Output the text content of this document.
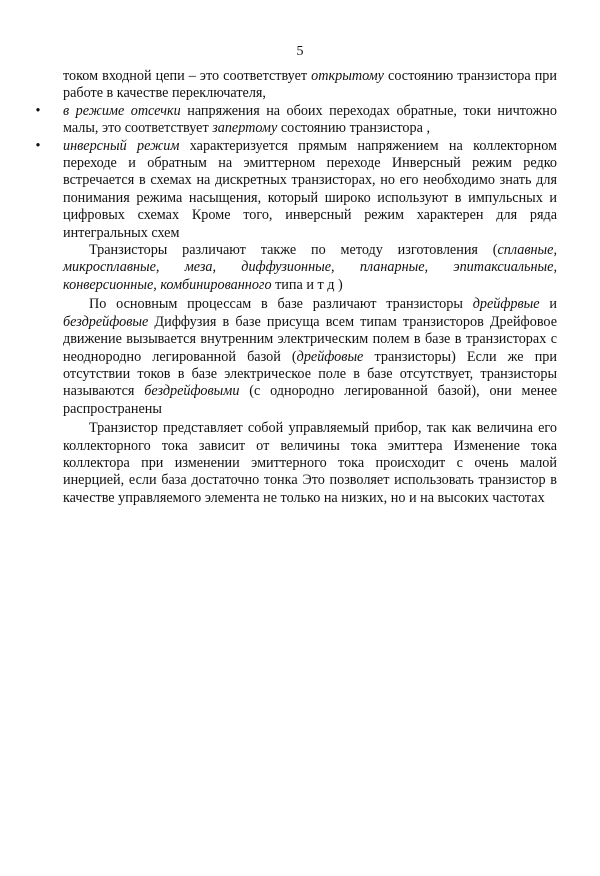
5

током входной цепи – это соответствует открытому состоянию транзистора при работе в качестве переключателя,

• в режиме отсечки напряжения на обоих переходах обратные, токи ничтожно малы, это соответствует запертому состоянию транзистора ,

• инверсный режим характеризуется прямым напряжением на коллекторном переходе и обратным на эмиттерном переходе Инверсный режим редко встречается в схемах на дискретных транзисторах, но его необходимо знать для понимания режима насыщения, который широко используют в импульсных и цифровых схемах Кроме того, инверсный режим характерен для ряда интегральных схем

Транзисторы различают также по методу изготовления (сплавные, микросплавные, меза, диффузионные, планарные, эпитаксиальные, конверсионные, комбинированного типа и т д )

По основным процессам в базе различают транзисторы дрейфрвые и бездрейфовые Диффузия в базе присуща всем типам транзисторов Дрейфовое движение вызывается внутренним электрическим полем в базе в транзисторах с неоднородно легированной базой (дрейфовые транзисторы) Если же при отсутствии токов в базе электрическое поле в базе отсутствует, транзисторы называются бездрейфовыми (с однородно легированной базой), они менее распространены

Транзистор представляет собой управляемый прибор, так как величина его коллекторного тока зависит от величины тока эмиттера Изменение тока коллектора при изменении эмиттерного тока происходит с очень малой инерцией, если база достаточно тонка Это позволяет использовать транзистор в качестве управляемого элемента не только на низких, но и на высоких частотах
